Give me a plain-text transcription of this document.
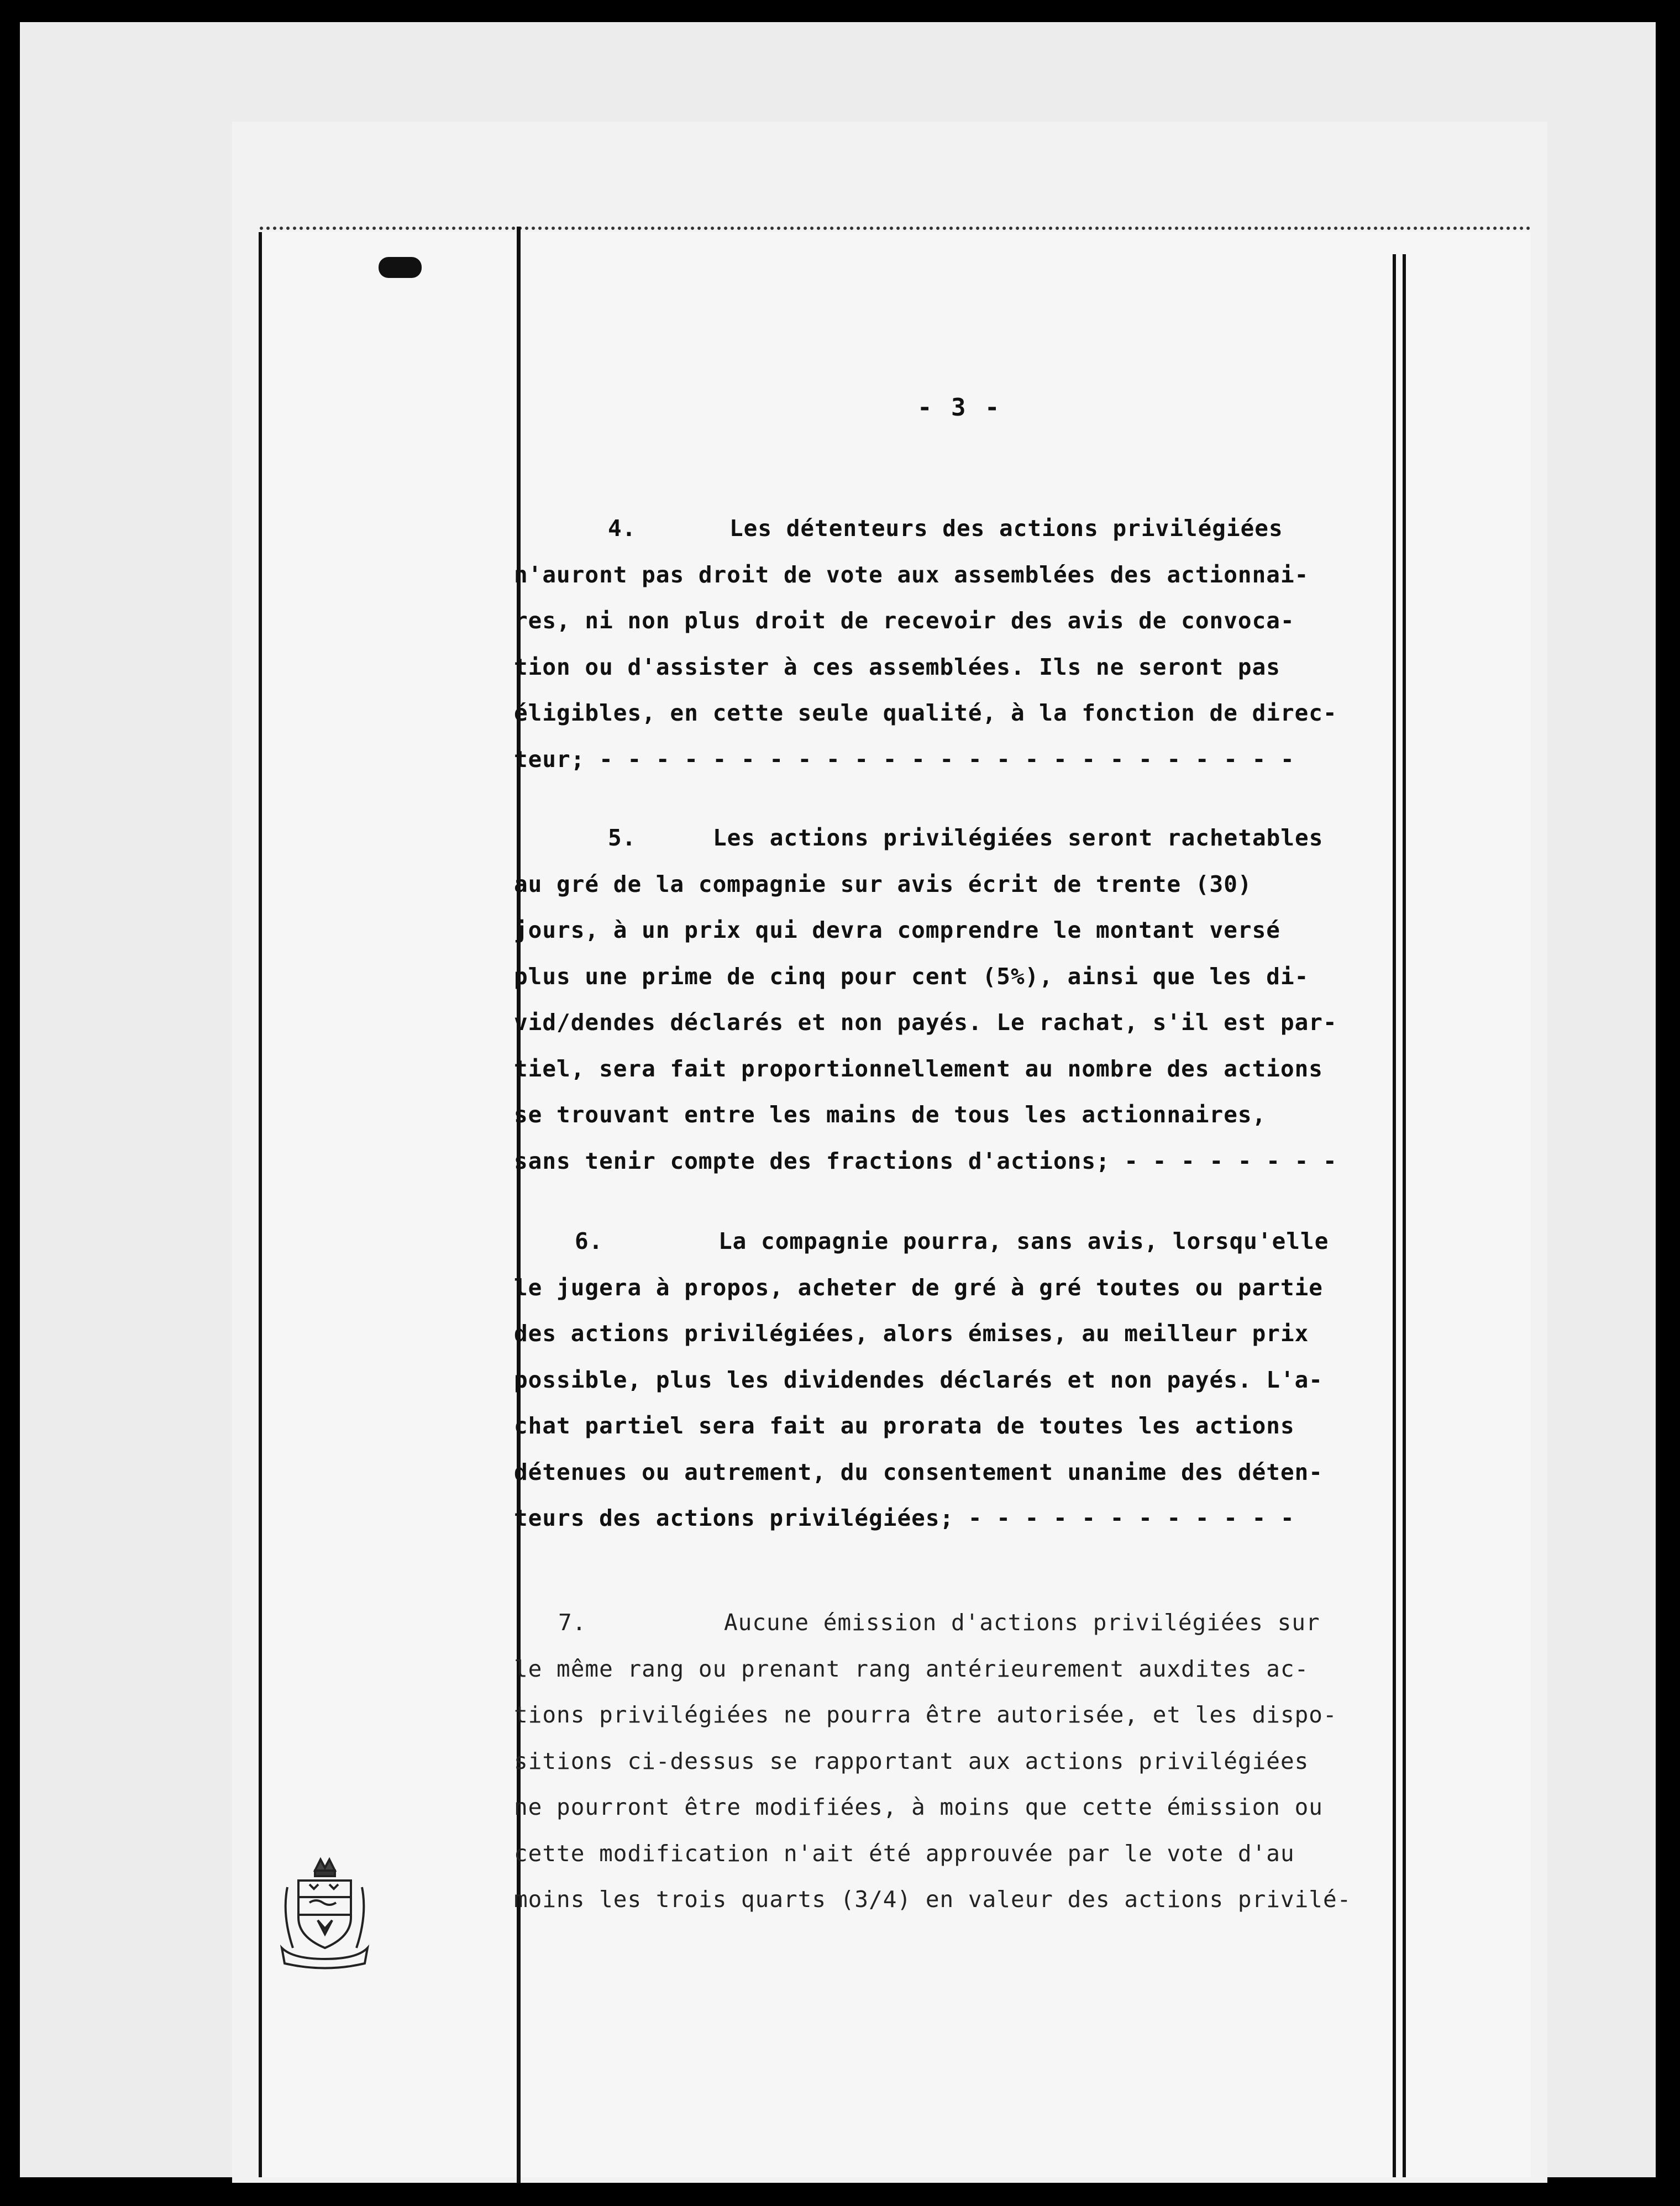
- 3 -
4.	Les détenteurs des actions privilégiées
n'auront pas droit de vote aux assemblées des actionnai-
res, ni non plus droit de recevoir des avis de convoca-
tion ou d'assister à ces assemblées. Ils ne seront pas
éligibles, en cette seule qualité, à la fonction de direc-
teur; - - - - - - - - - - - - - - - - - - - - - - - - -
5.	Les actions privilégiées seront rachetables
au gré de la compagnie sur avis écrit de trente (30)
jours, à un prix qui devra comprendre le montant versé
plus une prime de cinq pour cent (5%), ainsi que les di-
vid/dendes déclarés et non payés. Le rachat, s'il est par-
tiel, sera fait proportionnellement au nombre des actions
se trouvant entre les mains de tous les actionnaires,
sans tenir compte des fractions d'actions; - - - - - - - -
6.	La compagnie pourra, sans avis, lorsqu'elle
le jugera à propos, acheter de gré à gré toutes ou partie
des actions privilégiées, alors émises, au meilleur prix
possible, plus les dividendes déclarés et non payés. L'a-
chat partiel sera fait au prorata de toutes les actions
détenues ou autrement, du consentement unanime des déten-
teurs des actions privilégiées; - - - - - - - - - - - -
7.	Aucune émission d'actions privilégiées sur
le même rang ou prenant rang antérieurement auxdites ac-
tions privilégiées ne pourra être autorisée, et les dispo-
sitions ci-dessus se rapportant aux actions privilégiées
ne pourront être modifiées, à moins que cette émission ou
cette modification n'ait été approuvée par le vote d'au
moins les trois quarts (3/4) en valeur des actions privilé-
